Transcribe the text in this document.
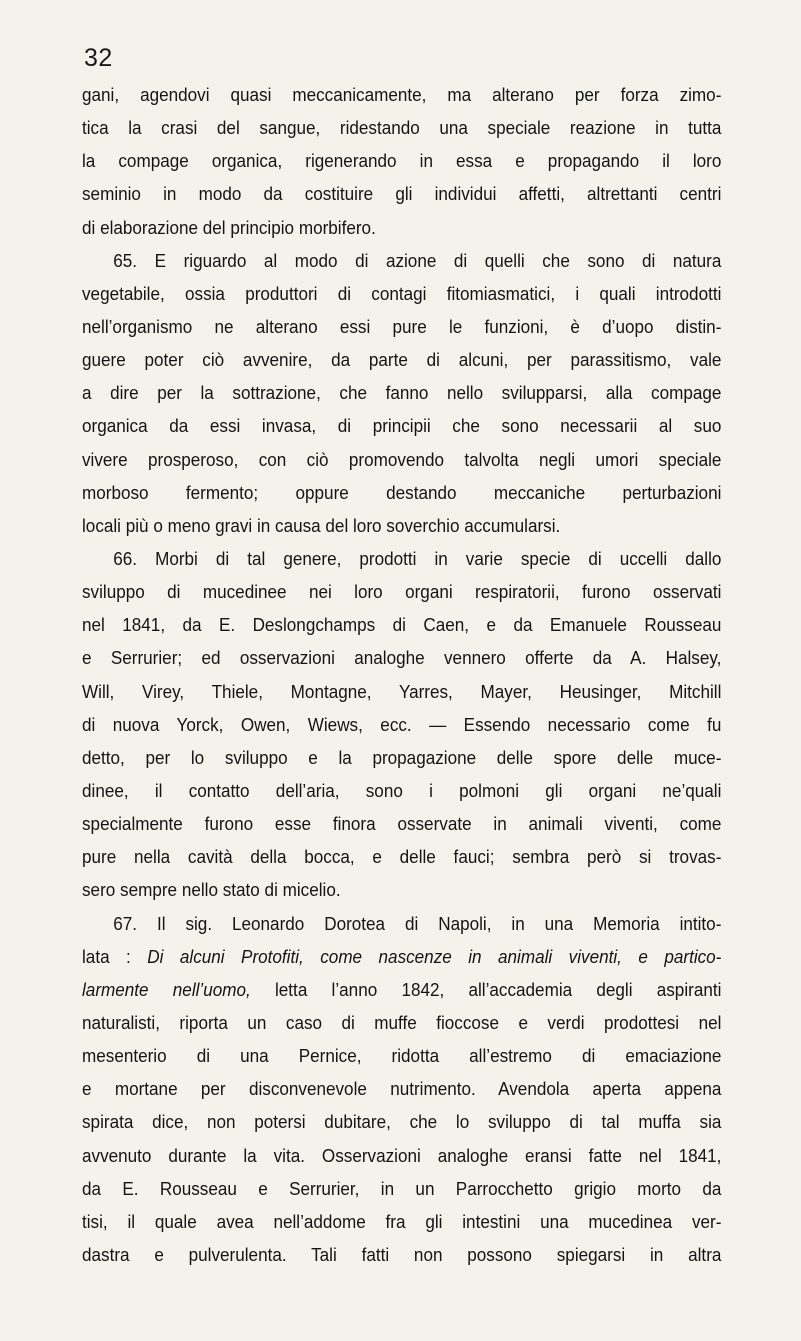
32
gani, agendovi quasi meccanicamente, ma alterano per forza zimo-
tica la crasi del sangue, ridestando una speciale reazione in tutta
la compage organica, rigenerando in essa e propagando il loro
seminio in modo da costituire gli individui affetti, altrettanti centri
di elaborazione del principio morbifero.
65. E riguardo al modo di azione di quelli che sono di natura
vegetabile, ossia produttori di contagi fitomiasmatici, i quali introdotti
nell’organismo ne alterano essi pure le funzioni, è d’uopo distin-
guere poter ciò avvenire, da parte di alcuni, per parassitismo, vale
a dire per la sottrazione, che fanno nello svilupparsi, alla compage
organica da essi invasa, di principii che sono necessarii al suo
vivere prosperoso, con ciò promovendo talvolta negli umori speciale
morboso fermento; oppure destando meccaniche perturbazioni
locali più o meno gravi in causa del loro soverchio accumularsi.
66. Morbi di tal genere, prodotti in varie specie di uccelli dallo
sviluppo di mucedinee nei loro organi respiratorii, furono osservati
nel 1841, da E. Deslongchamps di Caen, e da Emanuele Rousseau
e Serrurier; ed osservazioni analoghe vennero offerte da A. Halsey,
Will, Virey, Thiele, Montagne, Yarres, Mayer, Heusinger, Mitchill
di nuova Yorck, Owen, Wiews, ecc. — Essendo necessario come fu
detto, per lo sviluppo e la propagazione delle spore delle muce-
dinee, il contatto dell’aria, sono i polmoni gli organi ne’quali
specialmente furono esse finora osservate in animali viventi, come
pure nella cavità della bocca, e delle fauci; sembra però si trovas-
sero sempre nello stato di micelio.
67. Il sig. Leonardo Dorotea di Napoli, in una Memoria intito-
lata : Di alcuni Protofiti, come nascenze in animali viventi, e partico-
larmente nell’uomo, letta l’anno 1842, all’accademia degli aspiranti
naturalisti, riporta un caso di muffe fioccose e verdi prodottesi nel
mesenterio di una Pernice, ridotta all’estremo di emaciazione
e mortane per disconvenevole nutrimento. Avendola aperta appena
spirata dice, non potersi dubitare, che lo sviluppo di tal muffa sia
avvenuto durante la vita. Osservazioni analoghe eransi fatte nel 1841,
da E. Rousseau e Serrurier, in un Parrocchetto grigio morto da
tisi, il quale avea nell’addome fra gli intestini una mucedinea ver-
dastra e pulverulenta. Tali fatti non possono spiegarsi in altra
